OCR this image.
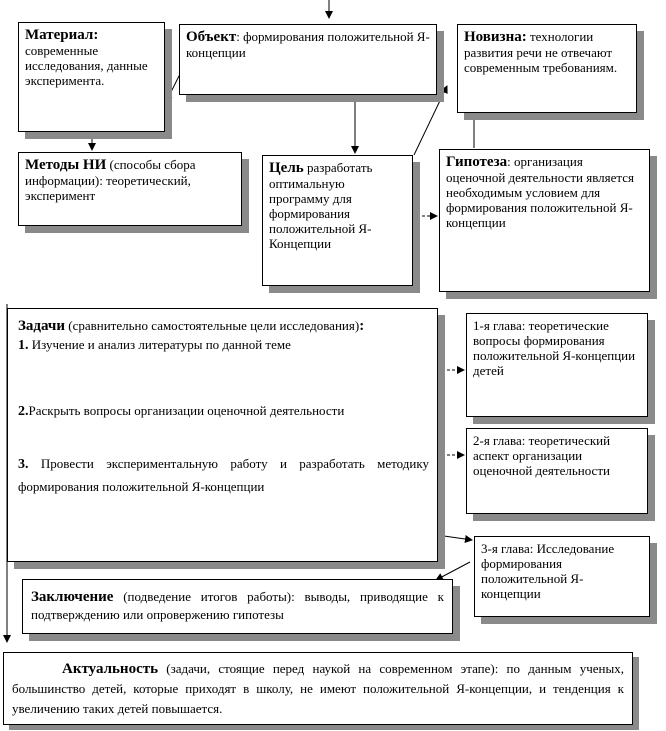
Материал:
современные исследования, данные эксперимента.
Объект: формирования положительной Я-концепции
Новизна: технологии развития речи не отвечают современным требованиям.
Методы НИ (способы сбора информации): теоретический, эксперимент
Цель разработать оптимальную программу для формирования положительной Я-Концепции
Гипотеза: организация оценочной деятельности является необходимым условием для формирования положительной Я-концепции
Задачи (сравнительно самостоятельные цели исследования):
1. Изучение и анализ литературы по данной теме
2.Раскрыть вопросы организации оценочной деятельности
3. Провести экспериментальную работу и разработать методику формирования положительной Я-концепции
1-я глава: теоретические вопросы формирования положительной Я-концепции детей
2-я глава: теоретический аспект организации оценочной деятельности
3-я глава: Исследование формирования положительной Я-концепции
Заключение (подведение итогов работы): выводы, приводящие к подтверждению или опровержению гипотезы
Актуальность (задачи, стоящие перед наукой на современном этапе): по данным ученых, большинство детей, которые приходят в школу, не имеют положительной Я-концепции, и тенденция к увеличению таких детей повышается.
